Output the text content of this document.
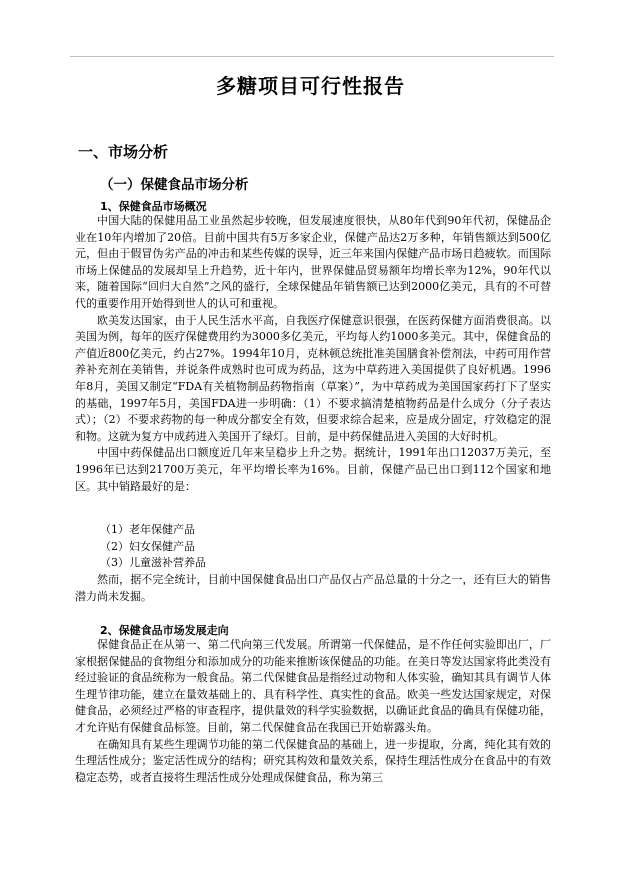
多糖项目可行性报告
一、市场分析
（一）保健食品市场分析
1、保健食品市场概况

中国大陆的保健用品工业虽然起步较晚，但发展速度很快，从80年代到90年代初，保健品企业在10年内增加了20倍。目前中国共有5万多家企业，保健产品达2万多种，年销售额达到500亿元，但由于假冒伪劣产品的冲击和某些传媒的误导，近三年来国内保健产品市场日趋疲软。而国际市场上保健品的发展却呈上升趋势，近十年内，世界保健品贸易额年均增长率为12%，90年代以来，随着国际“回归大自然”之风的盛行，全球保健品年销售额已达到2000亿美元，具有的不可替代的重要作用开始得到世人的认可和重视。

欧美发达国家，由于人民生活水平高，自我医疗保健意识很强，在医药保健方面消费很高。以美国为例，每年的医疗保健费用约为3000多亿美元，平均每人约1000多美元。其中，保健食品的产值近800亿美元，约占27%。1994年10月，克林顿总统批准美国膳食补偿剂法，中药可用作营养补充剂在美销售，并说条件成熟时也可成为药品，这为中草药进入美国提供了良好机遇。1996年8月，美国又制定“FDA有关植物制品药物指南（草案）”，为中草药成为美国国家药打下了坚实的基础，1997年5月，美国FDA进一步明确：（1）不要求搞清楚植物药品是什么成分（分子表达式）；（2）不要求药物的每一种成分都安全有效，但要求综合起来，应是成分固定，疗效稳定的混和物。这就为复方中成药进入美国开了绿灯。目前，是中药保健品进入美国的大好时机。

中国中药保健品出口额度近几年来呈稳步上升之势。据统计，1991年出口12037万美元，至1996年已达到21700万美元，年平均增长率为16%。目前，保健产品已出口到112个国家和地区。其中销路最好的是：

（1）老年保健产品
（2）妇女保健产品
（3）儿童滋补营养品

然而，据不完全统计，目前中国保健食品出口产品仅占产品总量的十分之一，还有巨大的销售潜力尚未发掘。

2、保健食品市场发展走向

保健食品正在从第一、第二代向第三代发展。所谓第一代保健品，是不作任何实验即出厂，厂家根据保健品的食物组分和添加成分的功能来推断该保健品的功能。在美日等发达国家将此类没有经过验证的食品统称为一般食品。第二代保健食品是指经过动物和人体实验，确知其具有调节人体生理节律功能，建立在量效基础上的、具有科学性、真实性的食品。欧美一些发达国家规定，对保健食品，必须经过严格的审查程序，提供量效的科学实验数据，以确证此食品的确具有保健功能，才允许贴有保健食品标签。目前，第二代保健食品在我国已开始崭露头角。

在确知具有某些生理调节功能的第二代保健食品的基础上，进一步提取，分离，纯化其有效的生理活性成分；鉴定活性成分的结构；研究其构效和量效关系，保持生理活性成分在食品中的有效稳定态势，或者直接将生理活性成分处理成保健食品，称为第三
